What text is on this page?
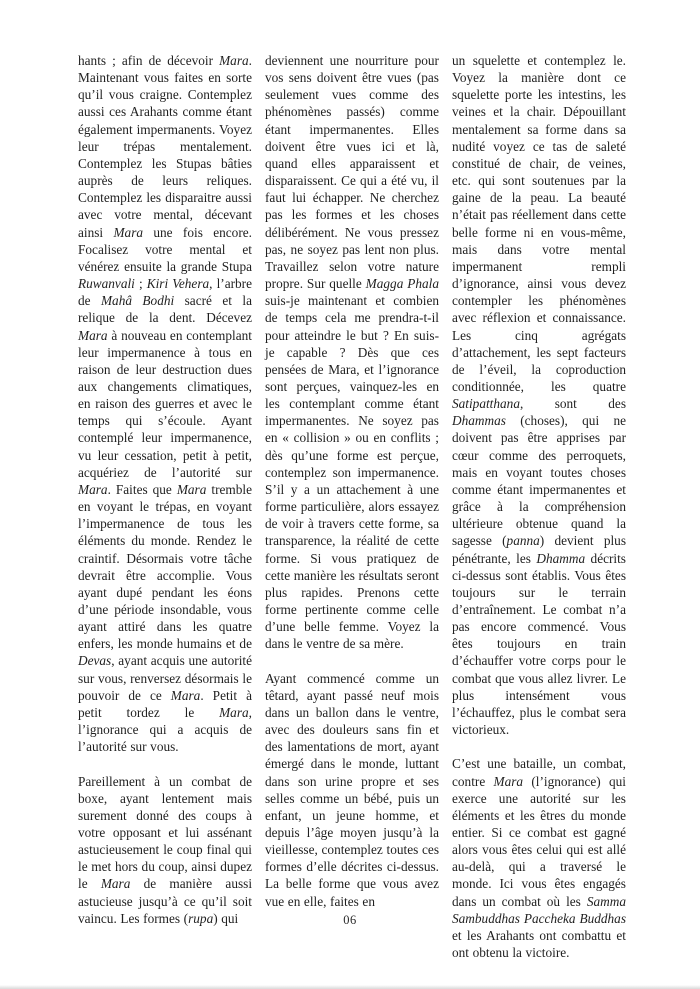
hants ; afin de décevoir Mara. Maintenant vous faites en sorte qu’il vous craigne. Contemplez aussi ces Arahants comme étant également impermanents. Voyez leur trépas mentalement. Contemplez les Stupas bâties auprès de leurs reliques. Contemplez les disparaitre aussi avec votre mental, décevant ainsi Mara une fois encore. Focalisez votre mental et vénérez ensuite la grande Stupa Ruwanvali ; Kiri Vehera, l’arbre de Mahâ Bodhi sacré et la relique de la dent. Décevez Mara à nouveau en contemplant leur impermanence à tous en raison de leur destruction dues aux changements climatiques, en raison des guerres et avec le temps qui s’écoule. Ayant contemplé leur impermanence, vu leur cessation, petit à petit, acquériez de l’autorité sur Mara. Faites que Mara tremble en voyant le trépas, en voyant l’impermanence de tous les éléments du monde. Rendez le craintif. Désormais votre tâche devrait être accomplie. Vous ayant dupé pendant les éons d’une période insondable, vous ayant attiré dans les quatre enfers, les monde humains et de Devas, ayant acquis une autorité sur vous, renversez désormais le pouvoir de ce Mara. Petit à petit tordez le Mara, l’ignorance qui a acquis de l’autorité sur vous.

Pareillement à un combat de boxe, ayant lentement mais surement donné des coups à votre opposant et lui assénant astucieusement le coup final qui le met hors du coup, ainsi dupez le Mara de manière aussi astucieuse jusqu’à ce qu’il soit vaincu. Les formes (rupa) qui

deviennent une nourriture pour vos sens doivent être vues (pas seulement vues comme des phénomènes passés) comme étant impermanentes. Elles doivent être vues ici et là, quand elles apparaissent et disparaissent. Ce qui a été vu, il faut lui échapper. Ne cherchez pas les formes et les choses délibérément. Ne vous pressez pas, ne soyez pas lent non plus. Travaillez selon votre nature propre. Sur quelle Magga Phala suis-je maintenant et combien de temps cela me prendra-t-il pour atteindre le but ? En suis-je capable ? Dès que ces pensées de Mara, et l’ignorance sont perçues, vainquez-les en les contemplant comme étant impermanentes. Ne soyez pas en « collision » ou en conflits ; dès qu’une forme est perçue, contemplez son impermanence. S’il y a un attachement à une forme particulière, alors essayez de voir à travers cette forme, sa transparence, la réalité de cette forme. Si vous pratiquez de cette manière les résultats seront plus rapides. Prenons cette forme pertinente comme celle d’une belle femme. Voyez la dans le ventre de sa mère.

Ayant commencé comme un têtard, ayant passé neuf mois dans un ballon dans le ventre, avec des douleurs sans fin et des lamentations de mort, ayant émergé dans le monde, luttant dans son urine propre et ses selles comme un bébé, puis un enfant, un jeune homme, et depuis l’âge moyen jusqu’à la vieillesse, contemplez toutes ces formes d’elle décrites ci-dessus. La belle forme que vous avez vue en elle, faites en

un squelette et contemplez le. Voyez la manière dont ce squelette porte les intestins, les veines et la chair. Dépouillant mentalement sa forme dans sa nudité voyez ce tas de saleté constitué de chair, de veines, etc. qui sont soutenues par la gaine de la peau. La beauté n’était pas réellement dans cette belle forme ni en vous-même, mais dans votre mental impermanent rempli d’ignorance, ainsi vous devez contempler les phénomènes avec réflexion et connaissance. Les cinq agrégats d’attachement, les sept facteurs de l’éveil, la coproduction conditionnée, les quatre Satipatthana, sont des Dhammas (choses), qui ne doivent pas être apprises par cœur comme des perroquets, mais en voyant toutes choses comme étant impermanentes et grâce à la compréhension ultérieure obtenue quand la sagesse (panna) devient plus pénétrante, les Dhamma décrits ci-dessus sont établis. Vous êtes toujours sur le terrain d’entraînement. Le combat n’a pas encore commencé. Vous êtes toujours en train d’échauffer votre corps pour le combat que vous allez livrer. Le plus intensément vous l’échauffez, plus le combat sera victorieux.

C’est une bataille, un combat, contre Mara (l’ignorance) qui exerce une autorité sur les éléments et les êtres du monde entier. Si ce combat est gagné alors vous êtes celui qui est allé au-delà, qui a traversé le monde. Ici vous êtes engagés dans un combat où les Samma Sambuddhas Paccheka Buddhas et les Arahants ont combattu et ont obtenu la victoire.

06
